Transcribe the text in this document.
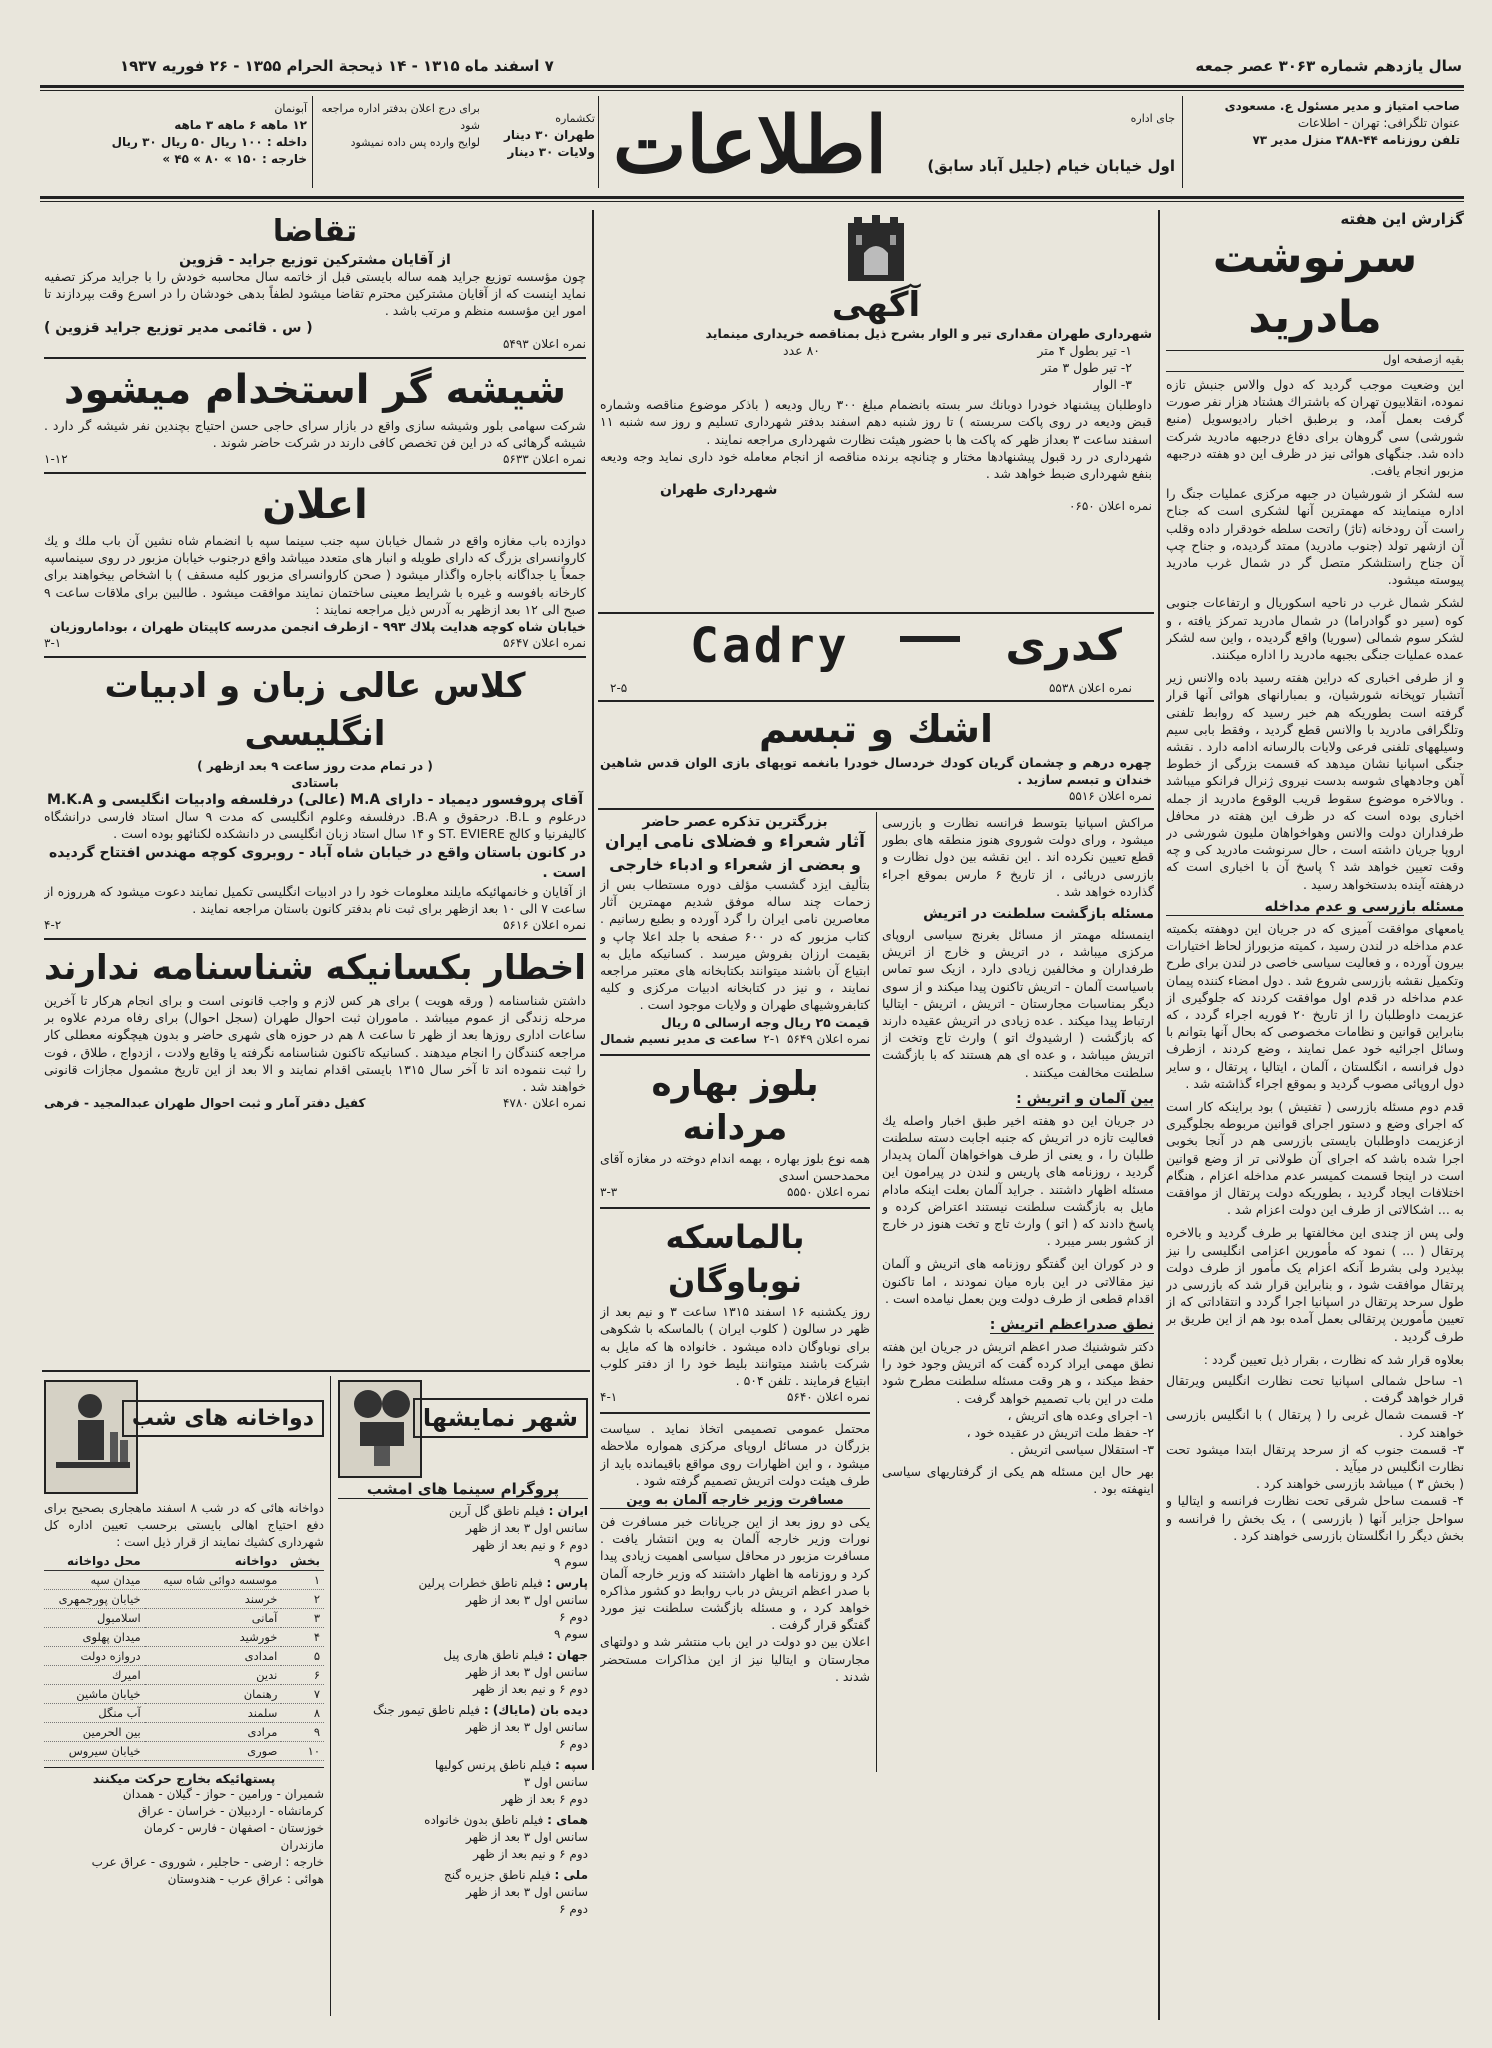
سال یازدهم شماره ۳۰۶۳ عصر جمعه
۷ اسفند ماه ۱۳۱۵ - ۱۴ ذیحجة الحرام ۱۳۵۵ - ۲۶ فوریه ۱۹۳۷
صاحب امتیاز و مدیر مسئول ع. مسعودی
عنوان تلگرافی: تهران - اطلاعات
تلفن روزنامه ۴۴-۳۸۸ منزل مدیر ۷۳
جای اداره
اول خیابان خیام (جلیل آباد سابق)
اطلاعات
تکشماره
طهران ۳۰ دینار
ولایات ۳۰ دینار
برای درج اعلان بدفتر اداره مراجعه شود
لوایح وارده پس داده نمیشود
آبونمان
۱۲ ماهه ۶ ماهه ۳ ماهه
داخله : ۱۰۰ ریال ۵۰ ریال ۳۰ ریال
خارجه : ۱۵۰ » ۸۰ » ۴۵ »
گزارش این هفته
سرنوشت مادرید
بقیه ازصفحه اول
این وضعیت موجب گردید که دول والاس جنبش تازه نموده، انقلابیون تهران که باشتراك هشتاد هزار نفر صورت گرفت بعمل آمد، و برطبق اخبار رادیوسویل (منبع شورشی) سی گروهان برای دفاع درجبهه مادرید شرکت داده شد. جنگهای هوائی نیز در ظرف این دو هفته درجبهه مزبور انجام یافت.
سه لشکر از شورشیان در جبهه مرکزی عملیات جنگ را اداره مینمایند که مهمترین آنها لشکری است که جناح راست آن رودخانه (تاژ) راتحت سلطه خودقرار داده وقلب آن ازشهر تولد (جنوب مادرید) ممتد گردیده، و جناح چپ آن جناح راستلشکر متصل گر در شمال غرب مادرید پیوسته میشود.
لشکر شمال غرب در ناحیه اسکوریال و ارتفاعات جنوبی کوه (سیر دو گوادراما) در شمال مادرید تمرکز یافته ، و لشکر سوم شمالی (سوریا) واقع گردیده ، واین سه لشکر عمده عملیات جنگی بجبهه مادرید را اداره میکنند.
و از طرفی اخباری که دراین هفته رسید باده والانس زیر آتشبار توپخانه شورشیان، و بمبارانهای هوائی آنها قرار گرفته است بطوریکه هم خبر رسید که روابط تلفنی وتلگرافی مادرید با والانس قطع گردید ، وفقط بابی سیم وسیلههای تلفنی فرعی ولایات بالرسانه ادامه دارد . نقشه جنگی اسپانیا نشان میدهد که قسمت بزرگی از خطوط آهن وجادههای شوسه بدست نیروی ژنرال فرانکو میباشد . وبالاخره موضوع سقوط قریب الوقوع مادرید از جمله اخباری بوده است که در ظرف این هفته در محافل طرفداران دولت والانس وهواخواهان ملیون شورشی در اروپا جریان داشته است ، حال سرنوشت مادرید کی و چه وقت تعیین خواهد شد ؟ پاسخ آن با اخباری است که درهفته آینده بدستخواهد رسید .
مسئله بازرسی و عدم مداخله
یامعهای موافقت آمیزی که در جریان این دوهفته بکمیته عدم مداخله در لندن رسید ، کمیته مزبوراز لحاظ اختیارات بیرون آورده ، و فعالیت سیاسی خاصی در لندن برای طرح وتکمیل نقشه بازرسی شروع شد . دول امضاء کننده پیمان عدم مداخله در قدم اول موافقت کردند که جلوگیری از عزیمت داوطلبان را از تاریخ ۲۰ فوریه اجراء گردد ، که بنابراین قوانین و نظامات مخصوصی که بحال آنها بتوانم با وسائل اجرائیه خود عمل نمایند ، وضع کردند ، ازطرف دول فرانسه ، انگلستان ، آلمان ، ایتالیا ، پرتقال ، و سایر دول اروپائی مصوب گردید و بموقع اجراء گذاشته شد .
قدم دوم مسئله بازرسی ( تفتیش ) بود براینکه کار است که اجرای وضع و دستور اجرای قوانین مربوطه بجلوگیری ازعزیمت داوطلبان بایستی بازرسی هم در آنجا بخوبی اجرا شده باشد که اجرای آن طولانی تر از وضع قوانین است در اینجا قسمت کمیسر عدم مداخله اعزام ، هنگام اختلافات ایجاد گردید ، بطوریکه دولت پرتقال از موافقت به ... اشکالاتی از طرف این دولت اعزام شد .
ولی پس از چندی این مخالفتها بر طرف گردید و بالاخره پرتقال ( ... ) نمود که مأمورین اعزامی انگلیسی را نیز بپذیرد ولی بشرط آنکه اعزام یک مأمور از طرف دولت پرتقال موافقت شود ، و بنابراین قرار شد که بازرسی در طول سرحد پرتقال در اسپانیا اجرا گردد و انتقاداتی که از تعیین مأمورین پرتقالی بعمل آمده بود هم از این طریق بر طرف گردید .
بعلاوه قرار شد که نظارت ، بقرار ذیل تعیین گردد :
۱- ساحل شمالی اسپانیا تحت نظارت انگلیس ویرتقال قرار خواهد گرفت .
۲- قسمت شمال غربی را ( پرتقال ) با انگلیس بازرسی خواهند کرد .
۳- قسمت جنوب که از سرحد پرتقال ابتدا میشود تحت نظارت انگلیس در میآید .
( بخش ۳ ) میباشد بازرسی خواهند کرد .
۴- قسمت ساحل شرقی تحت نظارت فرانسه و ایتالیا و سواحل جزایر آنها ( بازرسی ) ، یک بخش را فرانسه و بخش دیگر را انگلستان بازرسی خواهند کرد .
آگهی
شهرداری طهران مقداری تیر و الوار بشرح ذیل بمناقصه خریداری مینماید
۱- تیر بطول ۴ متر
۲- تیر طول ۳ متر
۳- الوار
۸۰ عدد
داوطلبان پیشنهاد خودرا دوبانك سر بسته بانضمام مبلغ ۳۰۰ ریال ودیعه ( باذکر موضوع مناقصه وشماره قبض ودیعه در روی پاکت سربسته ) تا روز شنبه دهم اسفند بدفتر شهرداری تسلیم و روز سه شنبه ۱۱ اسفند ساعت ۳ بعداز ظهر که پاکت ها با حضور هیئت نظارت شهرداری مراجعه نمایند .
شهرداری در رد قبول پیشنهادها مختار و چنانچه برنده مناقصه از انجام معامله خود داری نماید وجه ودیعه بنفع شهرداری ضبط خواهد شد .
شهرداری طهران
نمره اعلان ۰۶۵۰
Cadry	کدری
نمره اعلان ۵۵۳۸
۲-۵
اشك و تبسم
چهره درهم و چشمان گریان کودك خردسال خودرا بانغمه توپهای بازی الوان قدس شاهین خندان و تبسم سازید .
نمره اعلان ۵۵۱۶
مراکش اسپانیا بتوسط فرانسه نظارت و بازرسی میشود ، ورای دولت شوروی هنوز منطقه های بطور قطع تعیین نکرده اند . این نقشه بین دول نظارت و بازرسی دریائی ، از تاریخ ۶ مارس بموقع اجراء گذارده خواهد شد .
مسئله بازگشت سلطنت در اتریش
اینمسئله مهمتر از مسائل بغرنج سیاسی اروپای مرکزی میباشد ، در اتریش و خارج از اتریش طرفداران و مخالفین زیادی دارد ، ازیک سو تماس باسیاست آلمان - اتریش تاکنون پیدا میکند و از سوی دیگر بمناسبات مجارستان - اتریش ، اتریش - ایتالیا ارتباط پیدا میکند . عده زیادی در اتریش عقیده دارند که بازگشت ( ارشیدوك اتو ) وارث تاج وتخت از اتریش میباشد ، و عده ای هم هستند که با بازگشت سلطنت مخالفت میکنند .
بین آلمان و اتریش :
در جریان این دو هفته اخیر طبق اخبار واصله یك فعالیت تازه در اتریش که جنبه اجابت دسته سلطنت طلبان را ، و یعنی از طرف هواخواهان آلمان پدیدار گردید ، روزنامه های پاریس و لندن در پیرامون این مسئله اظهار داشتند . جراید آلمان بعلت اینکه مادام مایل به بازگشت سلطنت نیستند اعتراض کرده و پاسخ دادند که ( اتو ) وارث تاج و تخت هنوز در خارج از کشور بسر میبرد .
و در کوران این گفتگو روزنامه های اتریش و آلمان نیز مقالاتی در این باره میان نمودند ، اما تاکنون اقدام قطعی از طرف دولت وین بعمل نیامده است .
نطق صدراعظم اتریش :
دکتر شوشنیك صدر اعظم اتریش در جریان این هفته نطق مهمی ایراد کرده گفت که اتریش وجود خود را حفظ میکند ، و هر وقت مسئله سلطنت مطرح شود ملت در این باب تصمیم خواهد گرفت .
۱- اجرای وعده های اتریش ،
۲- حفظ ملت اتریش در عقیده خود ،
۳- استقلال سیاسی اتریش .
بهر حال این مسئله هم یکی از گرفتاریهای سیاسی اینهفته بود .
بزرگترین تذکره عصر حاضر
آثار شعراء و فضلای نامی ایران
و بعضی از شعراء و ادباء خارجی
بتألیف ایزد گشسب مؤلف دوره مستطاب بس از زحمات چند ساله موفق شدیم مهمترین آثار معاصرین نامی ایران را گرد آورده و بطبع رسانیم . کتاب مزبور که در ۶۰۰ صفحه با جلد اعلا چاپ و بقیمت ارزان بفروش میرسد . کسانیکه مایل به ابتیاع آن باشند میتوانند بکتابخانه های معتبر مراجعه نمایند ، و نیز در کتابخانه ادبیات مرکزی و کلیه کتابفروشیهای طهران و ولایات موجود است .
قیمت ۲۵ ریال وجه ارسالی ۵ ریال
نمره اعلان ۵۶۴۹
۲-۱
ساعت ی مدیر نسیم شمال
بلوز بهاره مردانه
همه نوع بلوز بهاره ، بهمه اندام دوخته در مغازه آقای محمدحسن اسدی
نمره اعلان ۵۵۵۰
۳-۳
بالماسکه نوباوگان
روز یکشنبه ۱۶ اسفند ۱۳۱۵ ساعت ۳ و نیم بعد از ظهر در سالون ( کلوب ایران ) بالماسکه با شکوهی برای نوباوگان داده میشود . خانواده ها که مایل به شرکت باشند میتوانند بلیط خود را از دفتر کلوب ابتیاع فرمایند . تلفن ۵۰۴ .
نمره اعلان ۵۶۴۰
۴-۱
محتمل عمومی تصمیمی اتخاذ نماید . سیاست بزرگان در مسائل اروپای مرکزی همواره ملاحظه میشود ، و این اظهارات روی مواقع باقیمانده باید از طرف هیئت دولت اتریش تصمیم گرفته شود .
مسافرت وزیر خارجه آلمان به وین
یکی دو روز بعد از این جریانات خبر مسافرت فن نورات وزیر خارجه آلمان به وین انتشار یافت . مسافرت مزبور در محافل سیاسی اهمیت زیادی پیدا کرد و روزنامه ها اظهار داشتند که وزیر خارجه آلمان با صدر اعظم اتریش در باب روابط دو کشور مذاکره خواهد کرد ، و مسئله بازگشت سلطنت نیز مورد گفتگو قرار گرفت .
اعلان بین دو دولت در این باب منتشر شد و دولتهای مجارستان و ایتالیا نیز از این مذاکرات مستحضر شدند .
تقاضا
از آقایان مشترکین توزیع جراید - قزوین
چون مؤسسه توزیع جراید همه ساله بایستی قبل از خاتمه سال محاسبه خودش را با جراید مرکز تصفیه نماید اینست که از آقایان مشترکین محترم تقاضا میشود لطفاً بدهی خودشان را در اسرع وقت بپردازند تا امور این مؤسسه منظم و مرتب باشد .
( س . قائمی مدیر توزیع جراید قزوین )
نمره اعلان ۵۴۹۳
شیشه گر استخدام میشود
شرکت سهامی بلور وشیشه سازی واقع در بازار سرای حاجی حسن احتیاج بچندین نفر شیشه گر دارد . شیشه گرهائی که در این فن تخصص کافی دارند در شرکت حاضر شوند .
نمره اعلان ۵۶۳۳
۱-۱۲
اعلان
دوازده باب مغازه واقع در شمال خیابان سپه جنب سینما سپه با انضمام شاه نشین آن باب ملك و یك کاروانسرای بزرگ که دارای طویله و انبار های متعدد میباشد واقع درجنوب خیابان مزبور در روی سینماسپه جمعاً یا جداگانه باجاره واگذار میشود ( صحن کاروانسرای مزبور کلیه مسقف ) با اشخاص بیخواهند برای کارخانه بافوسه و غیره با شرایط معینی ساختمان نمایند موافقت میشود . طالبین برای ملاقات ساعت ۹ صبح الی ۱۲ بعد ازظهر به آدرس ذیل مراجعه نمایند :
خیابان شاه کوچه هدایت پلاك ۹۹۳ - ازطرف انجمن مدرسه کاپیتان طهران ، بوداماروزیان
نمره اعلان ۵۶۴۷
۳-۱
کلاس عالی زبان و ادبیات انگلیسی
( در تمام مدت روز ساعت ۹ بعد ازظهر )
باستادی
آقای پروفسور دیمیاد - دارای M.A (عالی) درفلسفه وادبیات انگلیسی و M.K.A
درعلوم و B.L. درحقوق و B.A. درفلسفه وعلوم انگلیسی که مدت ۹ سال استاد فارسی درانشگاه کالیفرنیا و کالج ST. EVIERE و ۱۴ سال استاد زبان انگلیسی در دانشکده لکنائهو بوده است .
در کانون باستان واقع در خیابان شاه آباد - روبروی کوچه مهندس افتتاح گردیده است .
از آقایان و خانمهائیکه مایلند معلومات خود را در ادبیات انگلیسی تکمیل نمایند دعوت میشود که هرروزه از ساعت ۷ الی ۱۰ بعد ازظهر برای ثبت نام بدفتر کانون باستان مراجعه نمایند .
نمره اعلان ۵۶۱۶
۴-۲
اخطار بکسانیکه شناسنامه ندارند
داشتن شناسنامه ( ورقه هویت ) برای هر کس لازم و واجب قانونی است و برای انجام هرکار تا آخرین مرحله زندگی از عموم میباشد . ماموران ثبت احوال طهران (سجل احوال) برای رفاه مردم علاوه بر ساعات اداری روزها بعد از ظهر تا ساعت ۸ هم در حوزه های شهری حاضر و بدون هیچگونه معطلی کار مراجعه کنندگان را انجام میدهند . کسانیکه تاکنون شناسنامه نگرفته یا وقایع ولادت ، ازدواج ، طلاق ، فوت را ثبت ننموده اند تا آخر سال ۱۳۱۵ بایستی اقدام نمایند و الا بعد از این تاریخ مشمول مجازات قانونی خواهند شد .
نمره اعلان ۴۷۸۰
کفیل دفتر آمار و ثبت احوال طهران عبدالمجید - فرهی
دواخانه های شب
دواخانه هائی که در شب ۸ اسفند ماهجاری بصحیح برای دفع احتیاج اهالی بایستی برحسب تعیین اداره کل شهرداری کشیك نمایند از قرار ذیل است :
بخش	دواخانه	محل دواخانه
۱	موسسه دوائی شاه سیه	میدان سپه
۲	خرسند	خیابان پورجمهری
۳	آمانی	اسلامبول
۴	خورشید	میدان پهلوی
۵	امدادی	دروازه دولت
۶	ندین	امیرك
۷	رهنمان	خیابان ماشین
۸	سلمند	آب منگل
۹	مرادی	بین الحرمین
۱۰	صوری	خیابان سیروس
پستهائیکه بخارج حرکت میکنند
شمیران - ورامین - حواز - گیلان - همدان
کرمانشاه - اردبیلان - خراسان - عراق
خوزستان - اصفهان - فارس - کرمان
مازندران
خارجه : ارضی - حاجلیر ، شوروی - عراق عرب
هوائی : عراق عرب - هندوستان
شهر نمایشها
پروگرام سینما های امشب
ایران : فیلم ناطق گل آرین
سانس اول ۳ بعد از ظهر
دوم ۶ و نیم بعد از ظهر
سوم ۹
پارس : فیلم ناطق خطرات پرلین
سانس اول ۳ بعد از ظهر
دوم ۶
سوم ۹
جهان : فیلم ناطق هاری پیل
سانس اول ۳ بعد از ظهر
دوم ۶ و نیم بعد از ظهر
دیده بان (مایاك) : فیلم ناطق تیمور جنگ
سانس اول ۳ بعد از ظهر
دوم ۶
سپه : فیلم ناطق پرنس کولیها
سانس اول ۳
دوم ۶ بعد از ظهر
همای : فیلم ناطق بدون خانواده
سانس اول ۳ بعد از ظهر
دوم ۶ و نیم بعد از ظهر
ملی : فیلم ناطق جزیره گنج
سانس اول ۳ بعد از ظهر
دوم ۶
